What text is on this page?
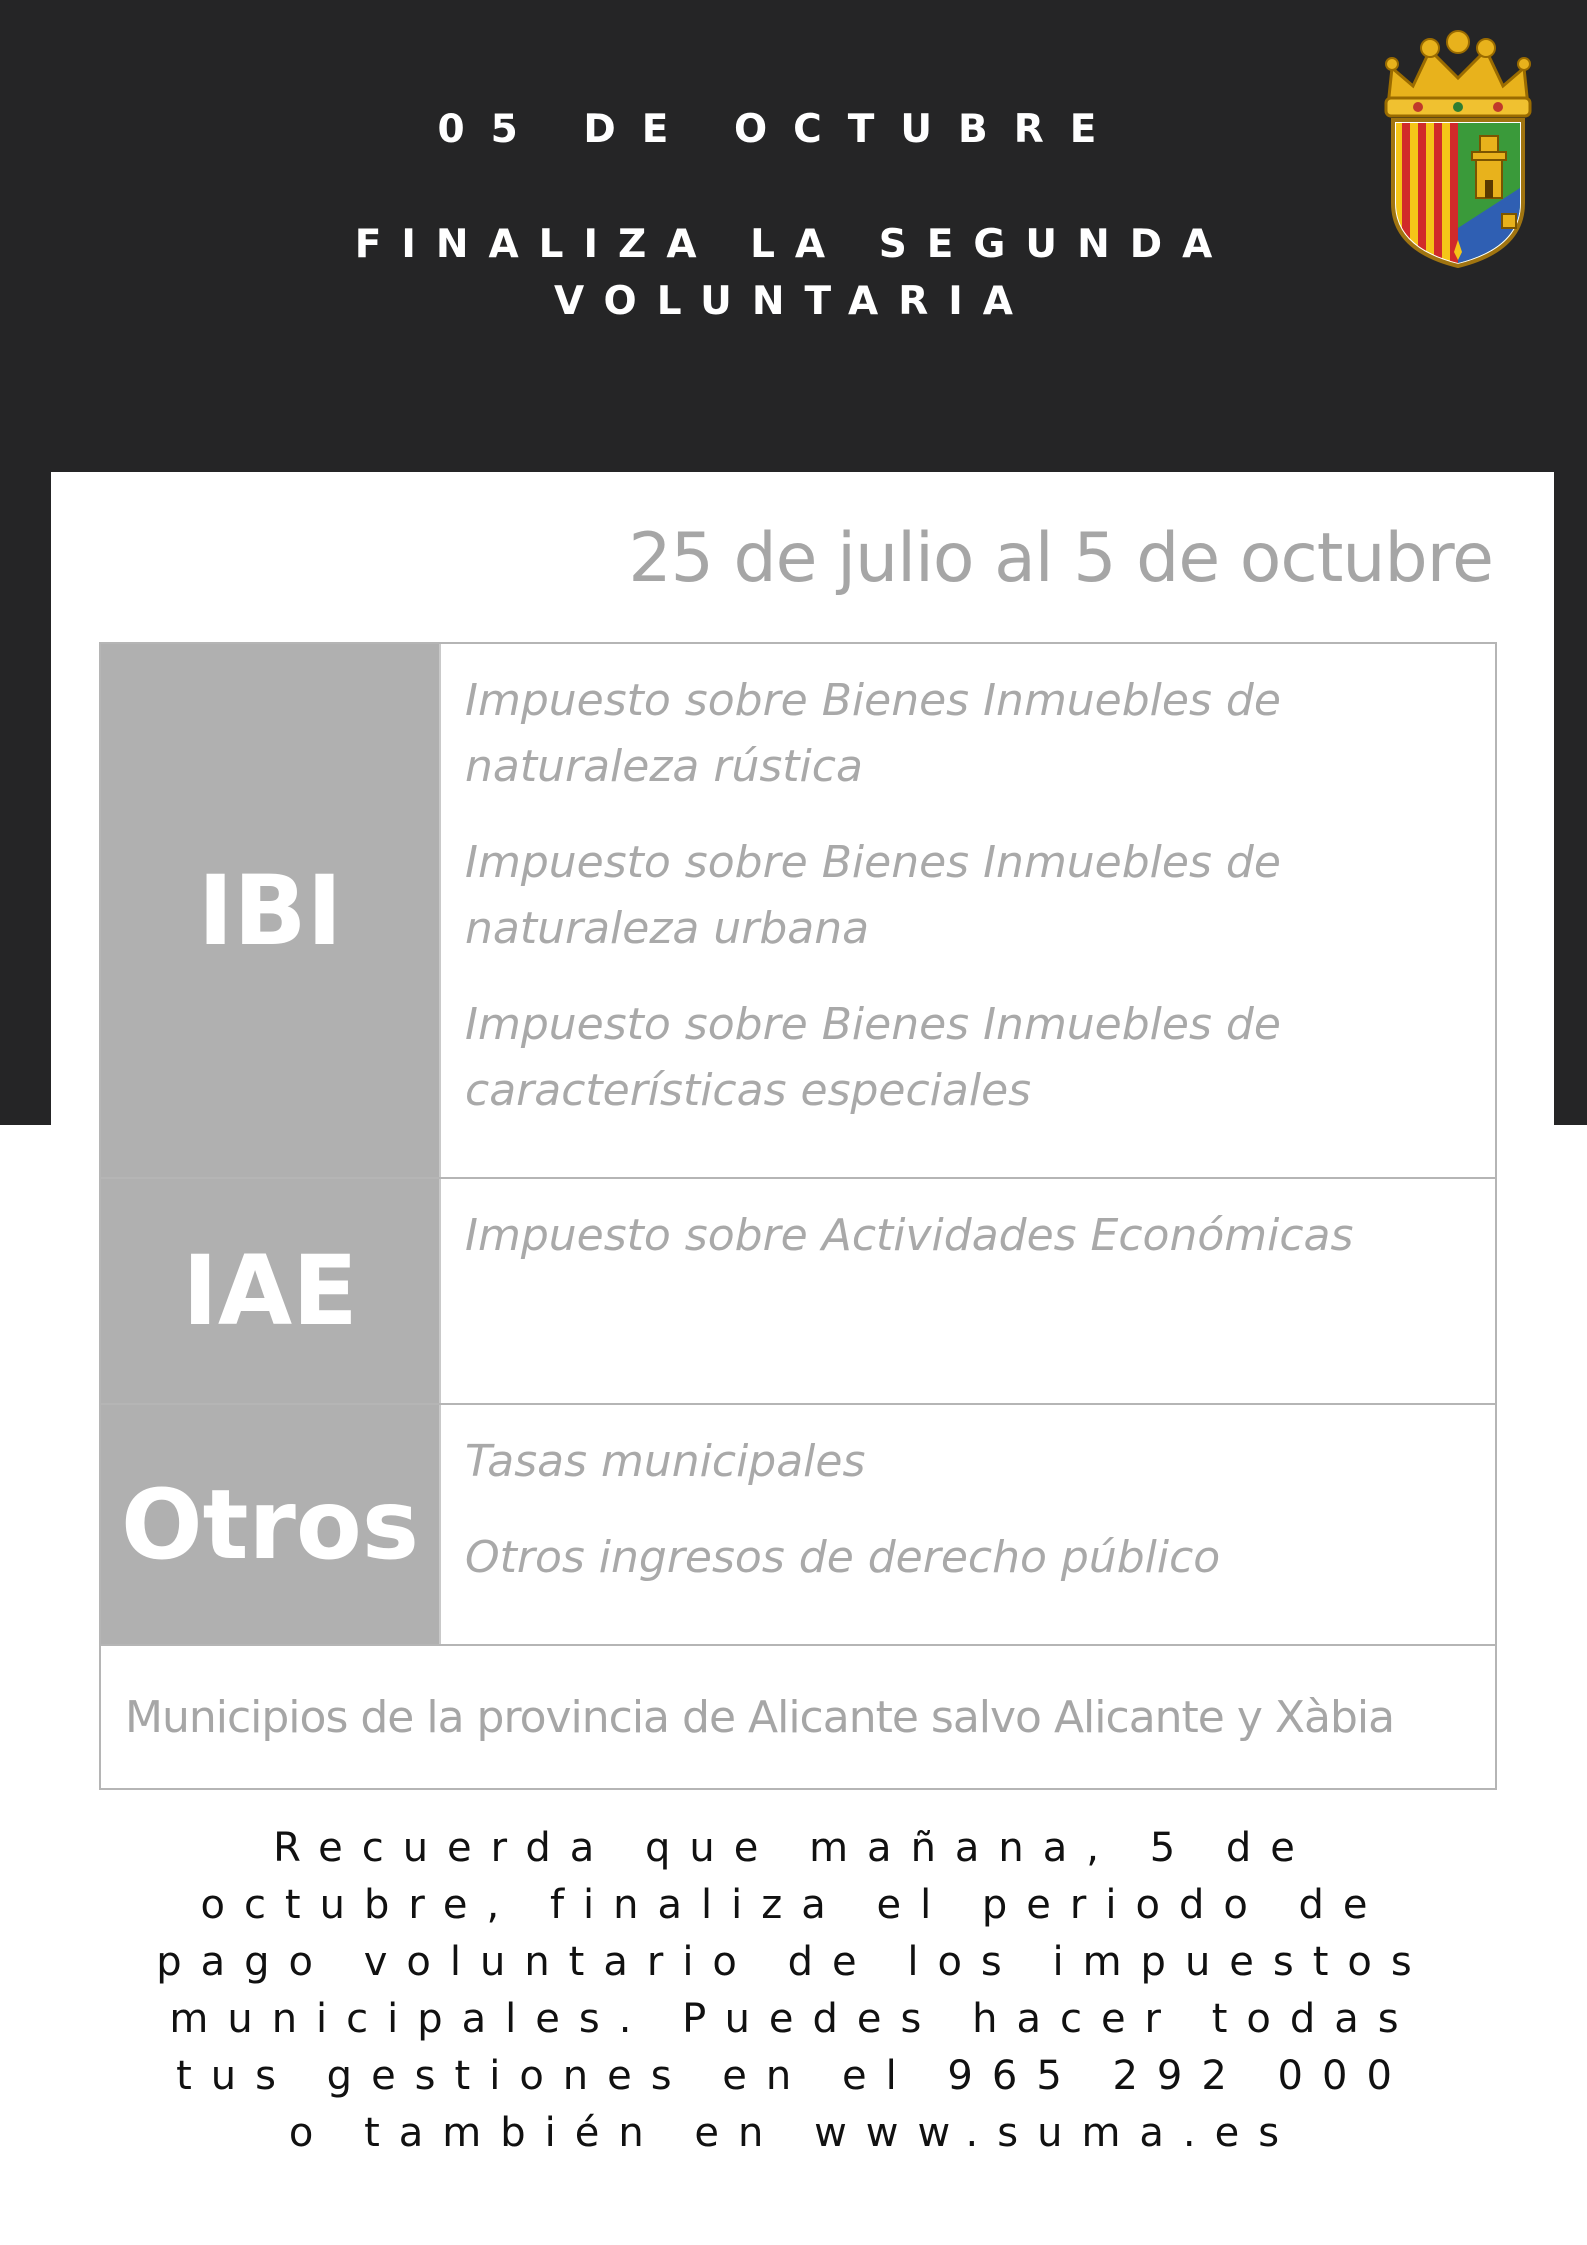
05 DE OCTUBRE
FINALIZA LA SEGUNDA
VOLUNTARIA
25 de julio al 5 de octubre
IBI
Impuesto sobre Bienes Inmuebles de naturaleza rústica
Impuesto sobre Bienes Inmuebles de naturaleza urbana
Impuesto sobre Bienes Inmuebles de características especiales
IAE	Impuesto sobre Actividades Económicas
Otros
Tasas municipales
Otros ingresos de derecho público
Municipios de la provincia de Alicante salvo Alicante y Xàbia
Recuerda que mañana, 5 de octubre, finaliza el periodo de pago voluntario de los impuestos municipales. Puedes hacer todas tus gestiones en el 965 292 000 o también en www.suma.es
